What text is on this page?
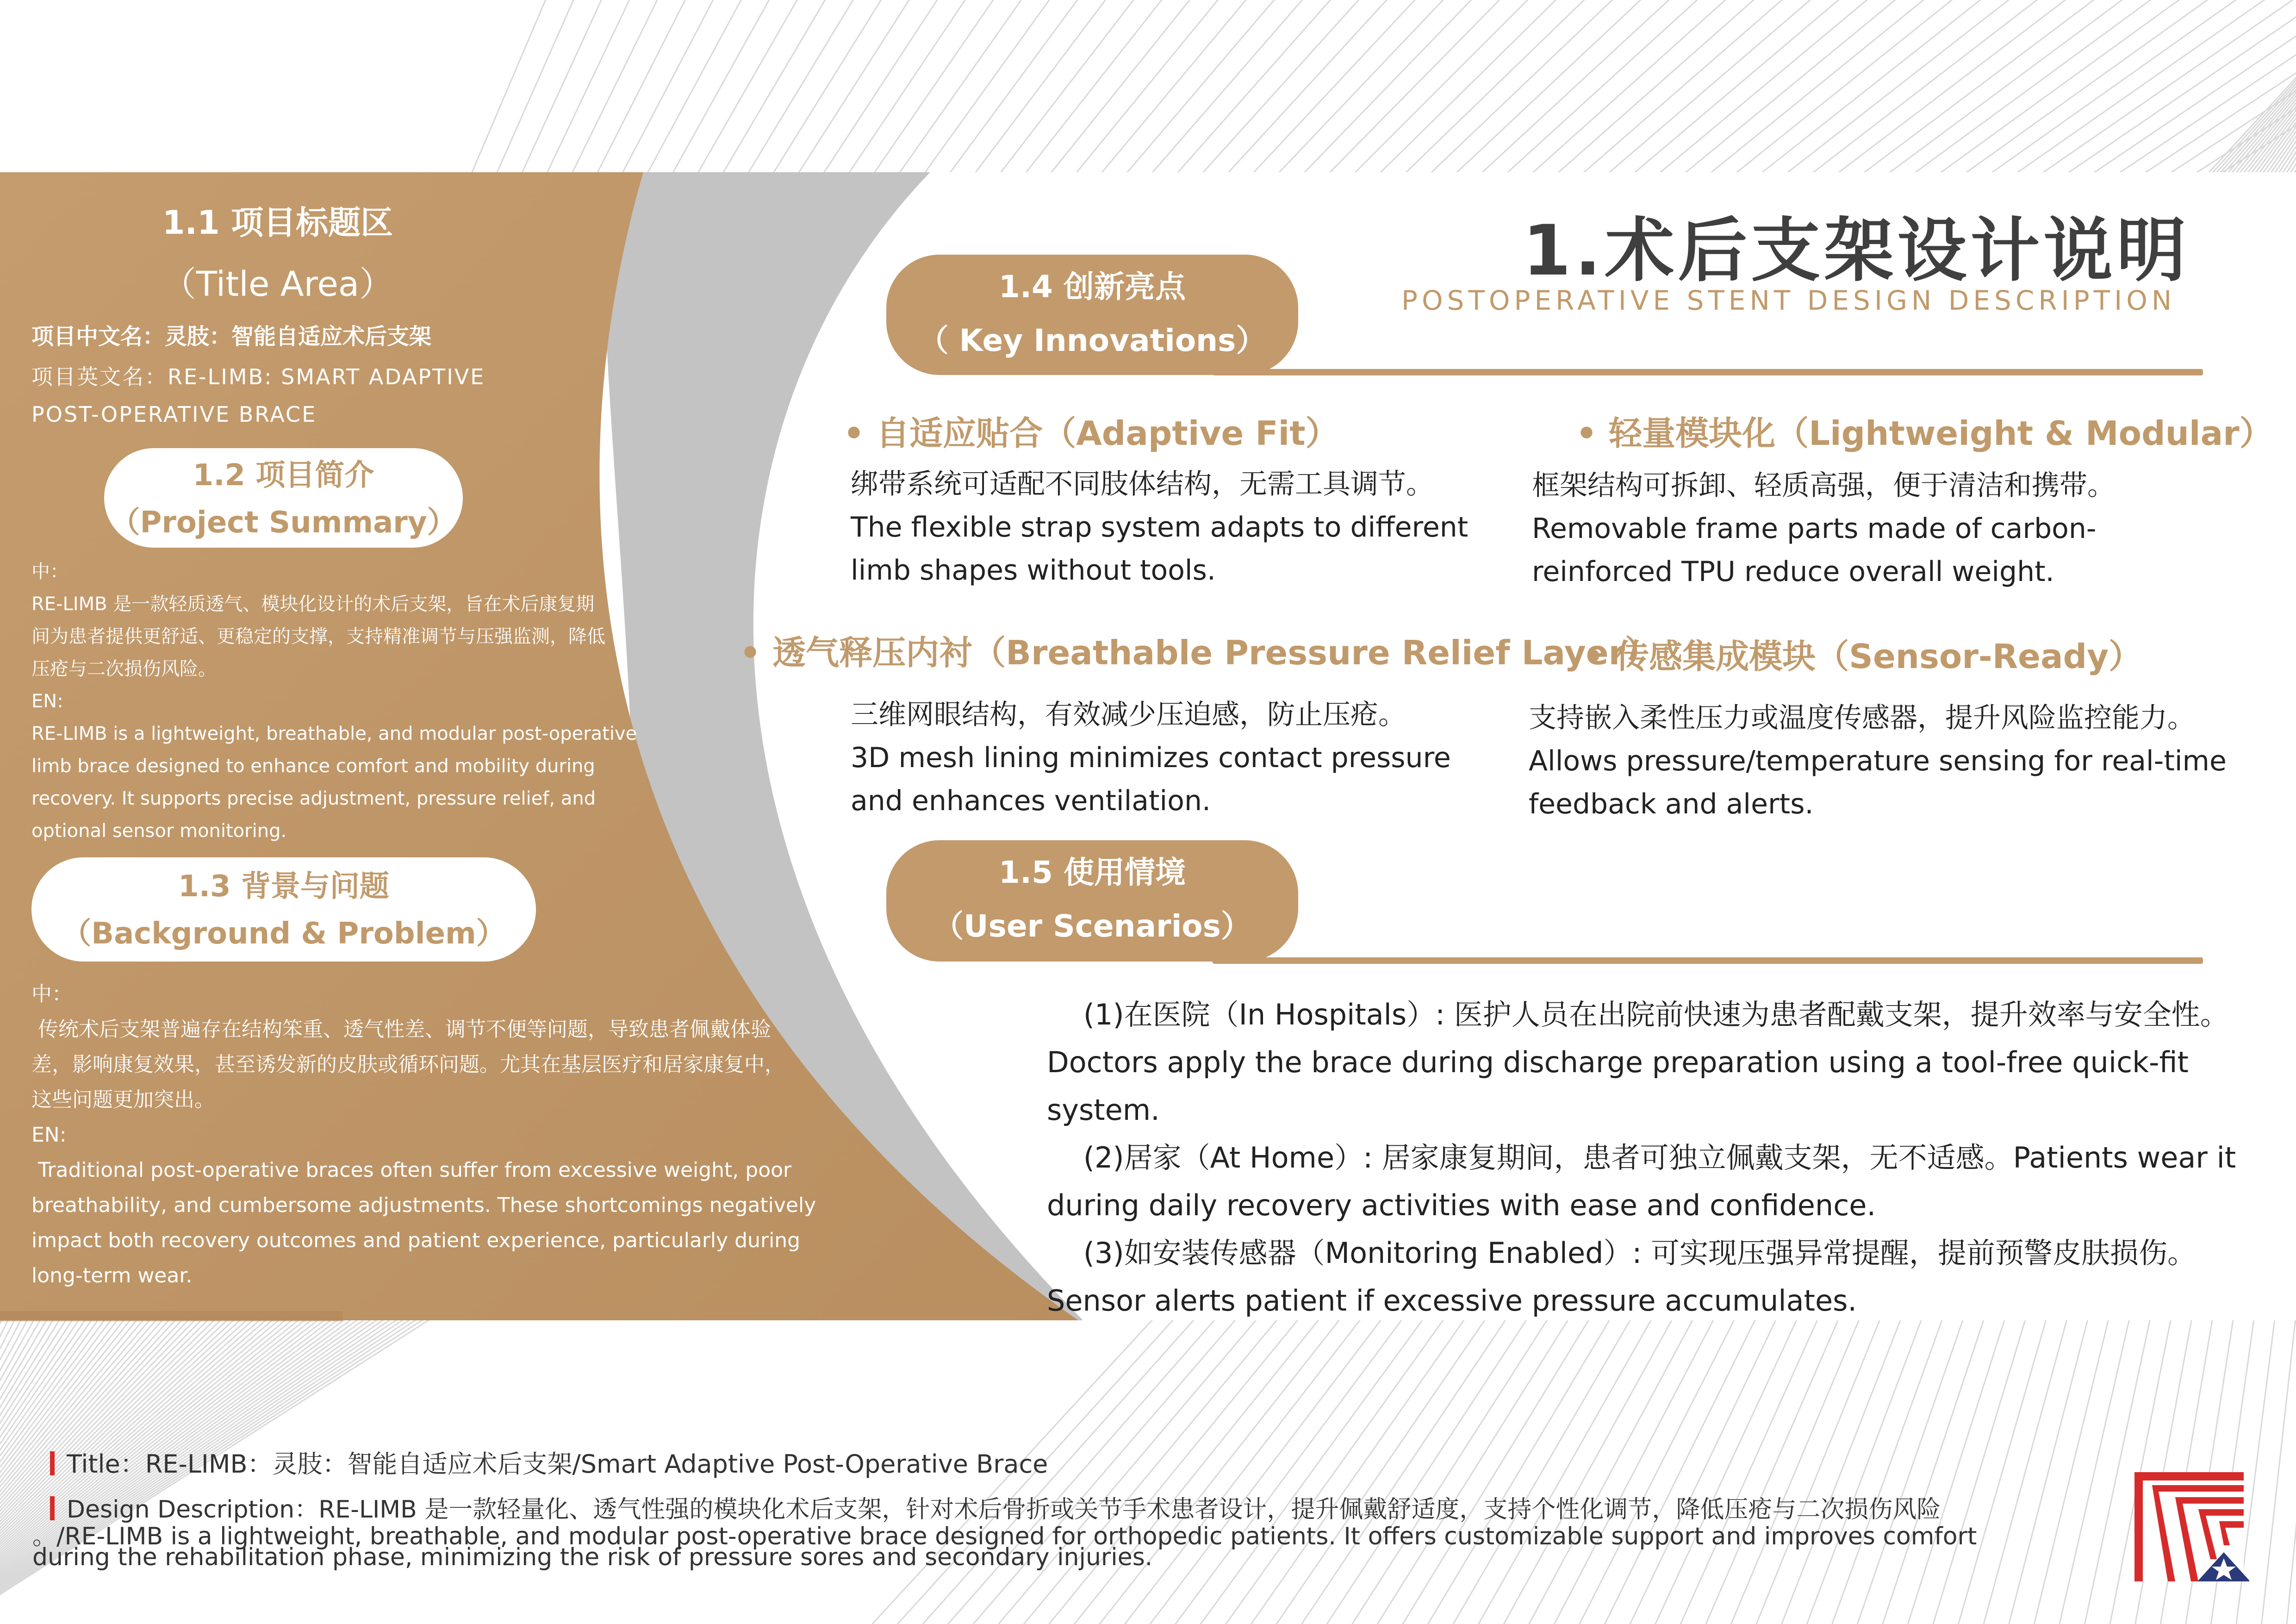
1.1 项目标题区
（Title Area）
项目中文名：灵肢：智能自适应术后支架
项目英文名：RE-LIMB: SMART ADAPTIVE
POST-OPERATIVE BRACE
1.2 项目简介
（Project Summary）
中：
RE-LIMB 是一款轻质透气、模块化设计的术后支架，旨在术后康复期
间为患者提供更舒适、更稳定的支撑，支持精准调节与压强监测，降低
压疮与二次损伤风险。
EN:
RE-LIMB is a lightweight, breathable, and modular post-operative
limb brace designed to enhance comfort and mobility during
recovery. It supports precise adjustment, pressure relief, and
optional sensor monitoring.
1.3 背景与问题
（Background & Problem）
中：
传统术后支架普遍存在结构笨重、透气性差、调节不便等问题，导致患者佩戴体验
差，影响康复效果，甚至诱发新的皮肤或循环问题。尤其在基层医疗和居家康复中，
这些问题更加突出。
EN:
Traditional post-operative braces often suffer from excessive weight, poor
breathability, and cumbersome adjustments. These shortcomings negatively
impact both recovery outcomes and patient experience, particularly during
long-term wear.
1.术后支架设计说明
POSTOPERATIVE STENT DESIGN DESCRIPTION
1.4 创新亮点
（ Key Innovations）
• 自适应贴合（Adaptive Fit）
绑带系统可适配不同肢体结构，无需工具调节。
The flexible strap system adapts to different
limb shapes without tools.
• 轻量模块化（Lightweight & Modular）
框架结构可拆卸、轻质高强，便于清洁和携带。
Removable frame parts made of carbon-
reinforced TPU reduce overall weight.
• 透气释压内衬（Breathable Pressure Relief Layer）
三维网眼结构，有效减少压迫感，防止压疮。
3D mesh lining minimizes contact pressure
and enhances ventilation.
• 传感集成模块（Sensor-Ready）
支持嵌入柔性压力或温度传感器，提升风险监控能力。
Allows pressure/temperature sensing for real-time
feedback and alerts.
1.5 使用情境
（User Scenarios）

(1)在医院（In Hospitals）: 医护人员在出院前快速为患者配戴支架，提升效率与安全性。

Doctors apply the brace during discharge preparation using a tool-free quick-fit system.

(2)居家（At Home）: 居家康复期间，患者可独立佩戴支架，无不适感。Patients wear it

during daily recovery activities with ease and confidence.

(3)如安装传感器（Monitoring Enabled）: 可实现压强异常提醒，提前预警皮肤损伤。

Sensor alerts patient if excessive pressure accumulates.

Title：RE-LIMB：灵肢：智能自适应术后支架/Smart Adaptive Post-Operative Brace
Design Description：RE-LIMB 是一款轻量化、透气性强的模块化术后支架，针对术后骨折或关节手术患者设计，提升佩戴舒适度，支持个性化调节，降低压疮与二次损伤风险
。/RE-LIMB is a lightweight, breathable, and modular post-operative brace designed for orthopedic patients. It offers customizable support and improves comfort
during the rehabilitation phase, minimizing the risk of pressure sores and secondary injuries.
